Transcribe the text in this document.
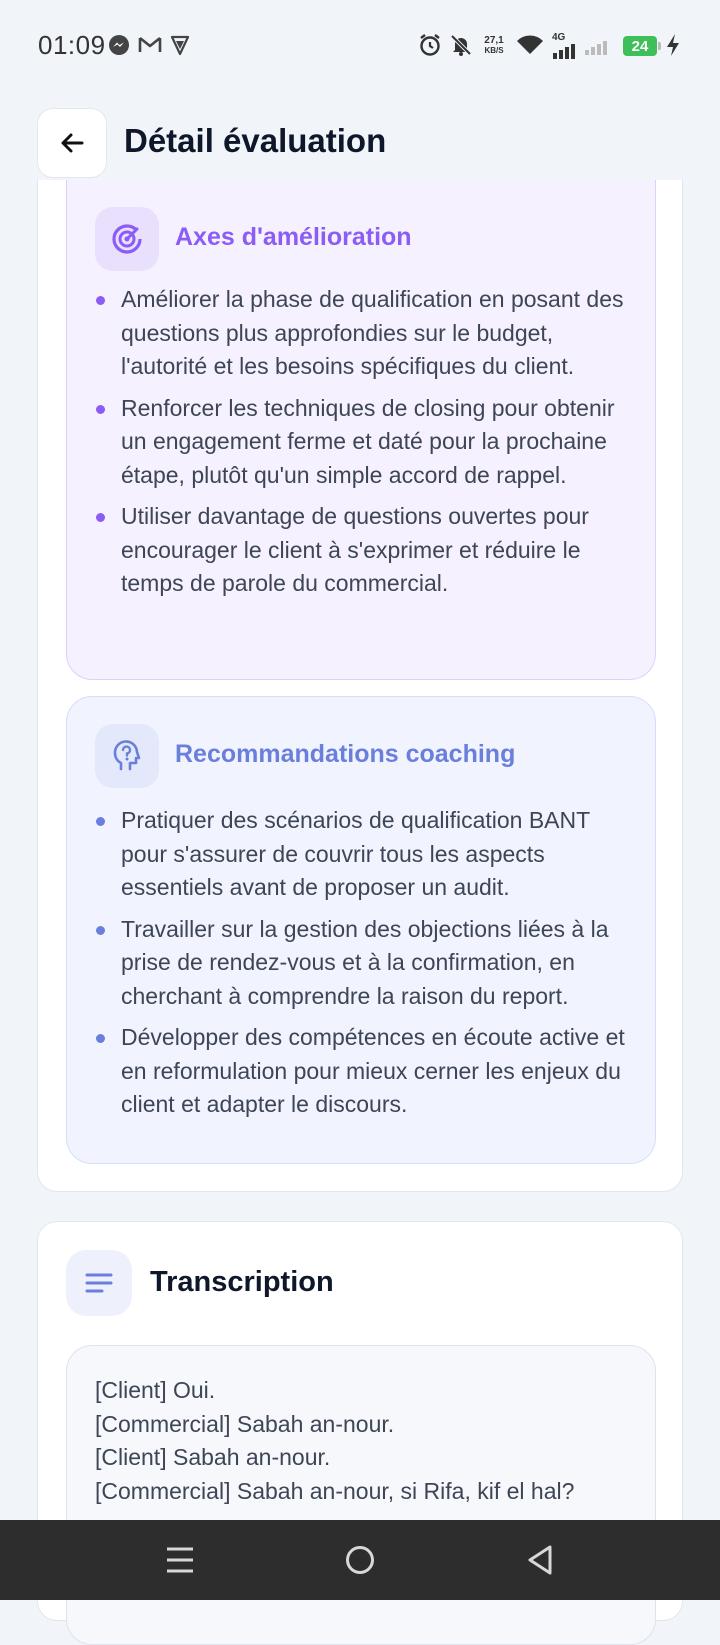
01:09	27,1
KB/S
4G	24
Détail évaluation
Axes d'amélioration
Améliorer la phase de qualification en posant des questions plus approfondies sur le budget, l'autorité et les besoins spécifiques du client.
Renforcer les techniques de closing pour obtenir un engagement ferme et daté pour la prochaine étape, plutôt qu'un simple accord de rappel.
Utiliser davantage de questions ouvertes pour encourager le client à s'exprimer et réduire le temps de parole du commercial.
Recommandations coaching
Pratiquer des scénarios de qualification BANT pour s'assurer de couvrir tous les aspects essentiels avant de proposer un audit.
Travailler sur la gestion des objections liées à la prise de rendez-vous et à la confirmation, en cherchant à comprendre la raison du report.
Développer des compétences en écoute active et en reformulation pour mieux cerner les enjeux du client et adapter le discours.
Transcription
[Client] Oui.
[Commercial] Sabah an-nour.
[Client] Sabah an-nour.
[Commercial] Sabah an-nour, si Rifa, kif el hal?
